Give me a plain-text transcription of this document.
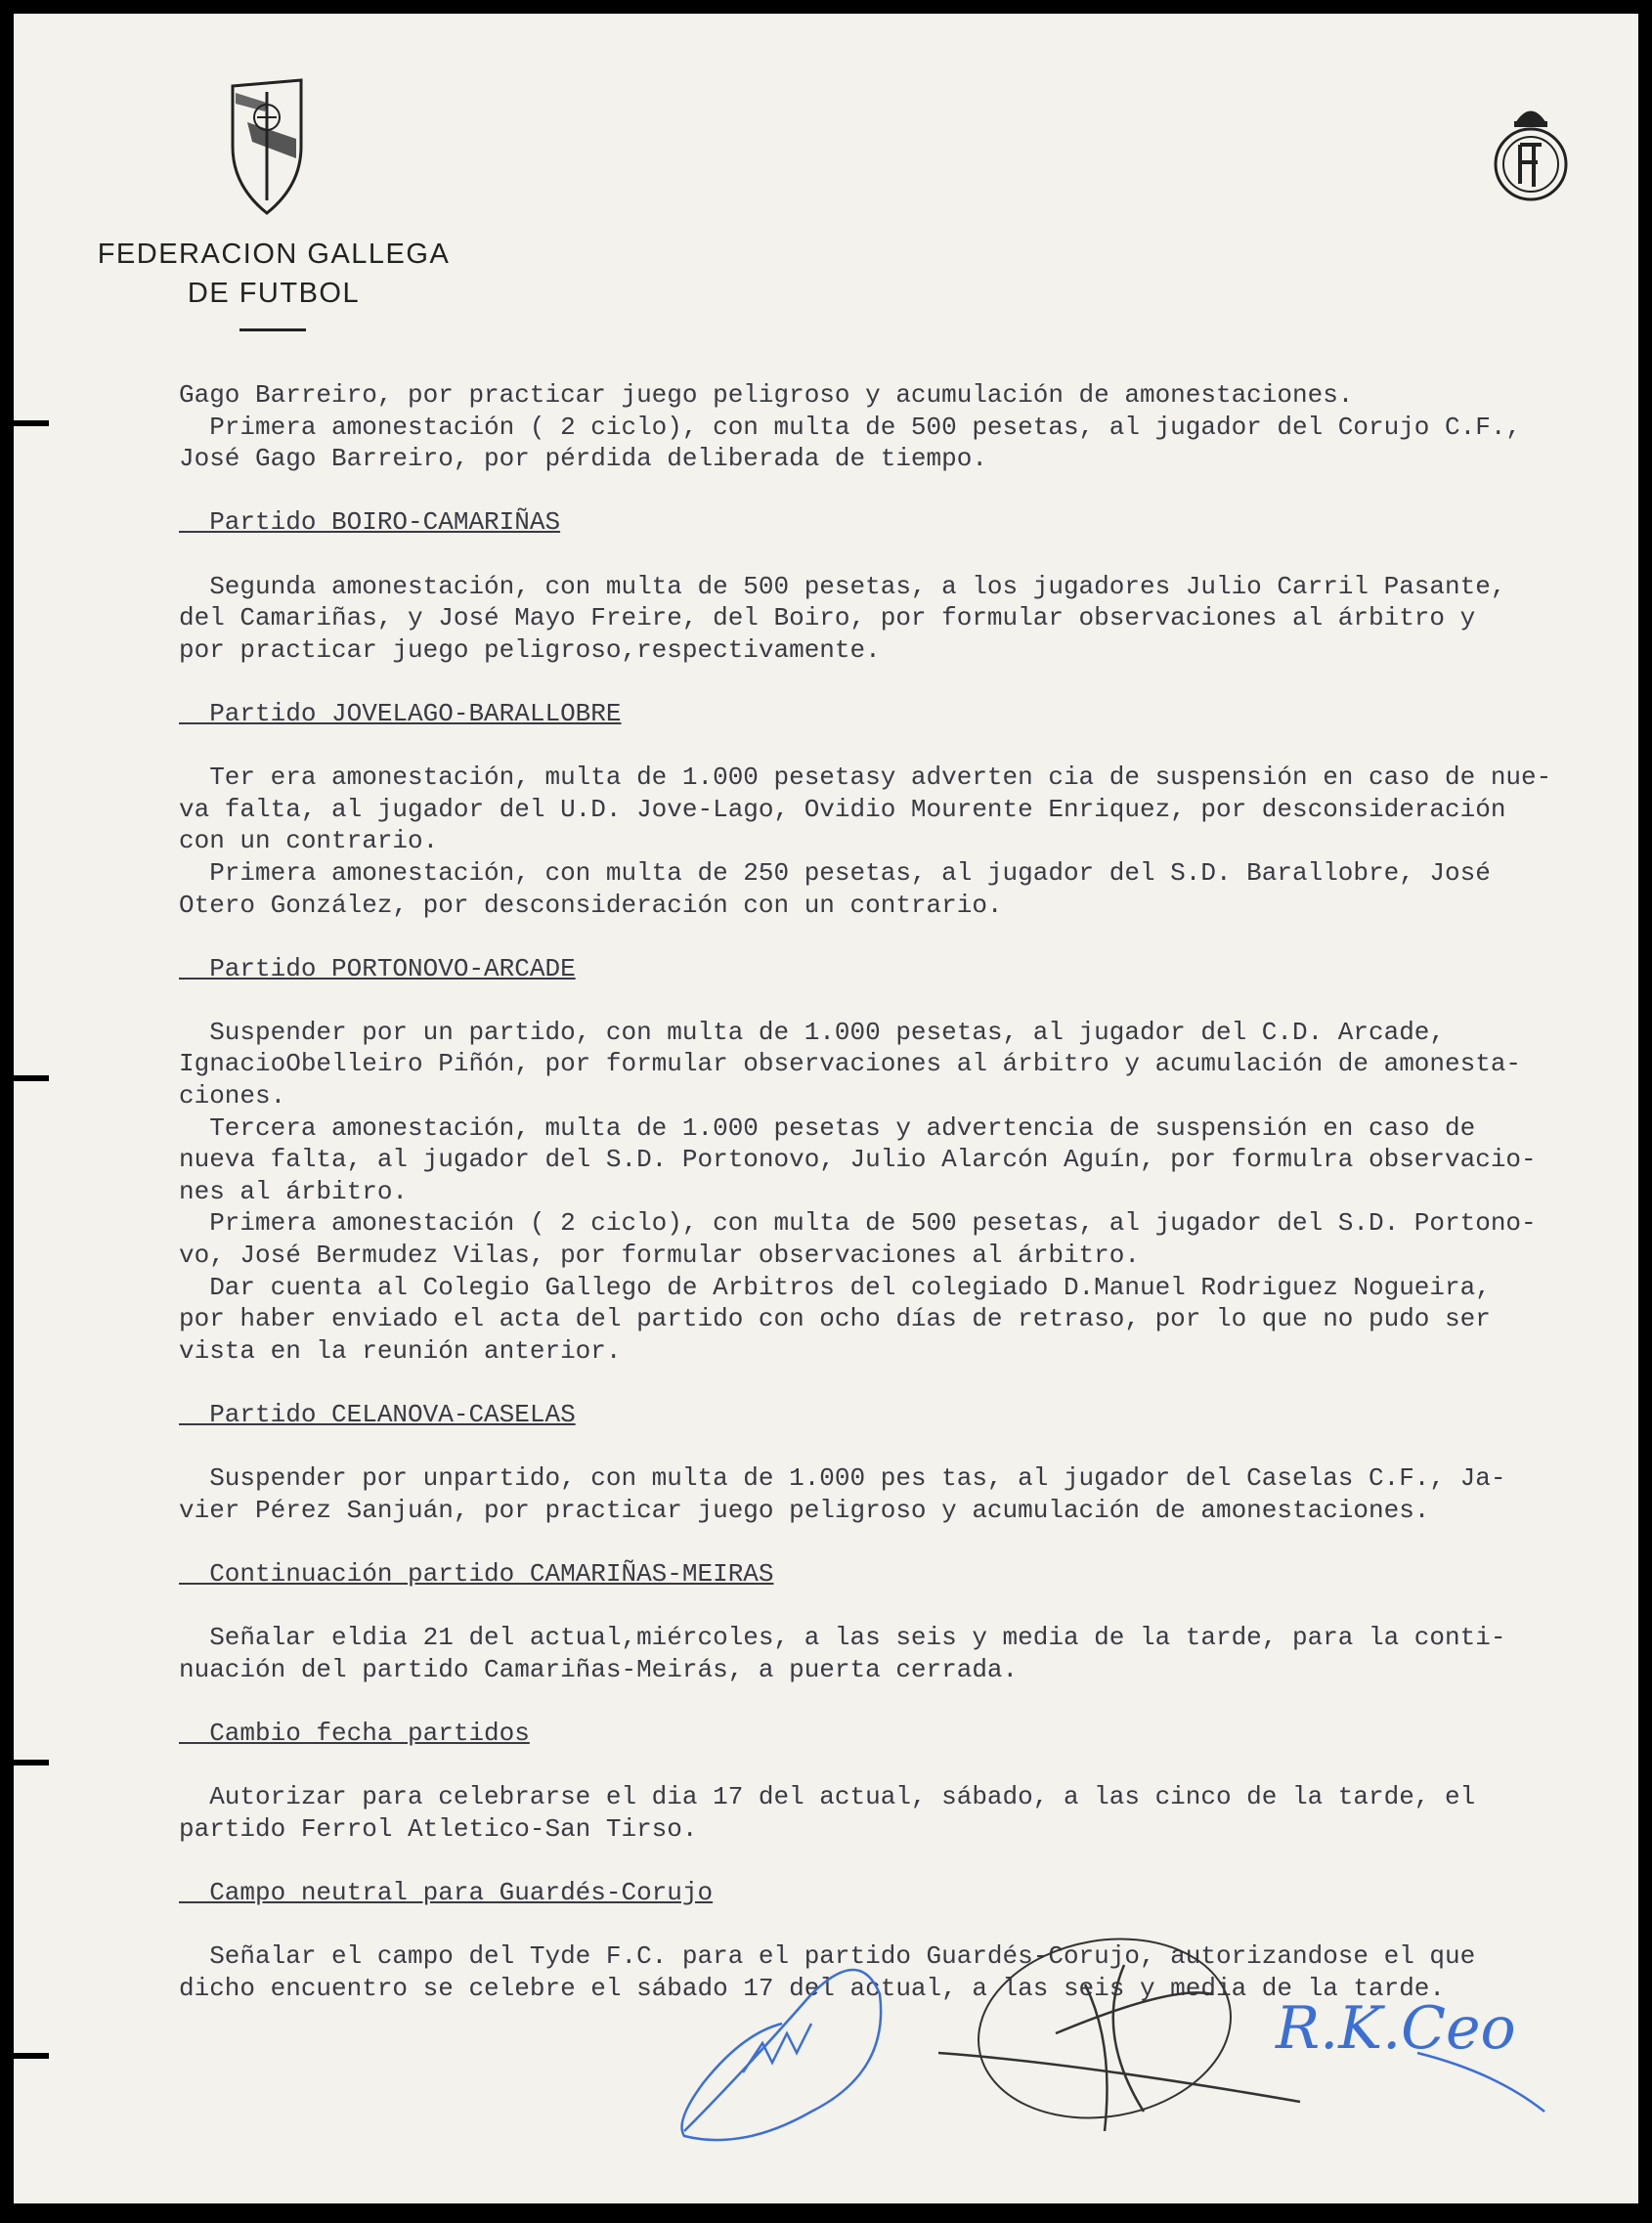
FEDERACION GALLEGA
DE FUTBOL
Gago Barreiro, por practicar juego peligroso y acumulación de amonestaciones.
Primera amonestación ( 2 ciclo), con multa de 500 pesetas, al jugador del Corujo C.F.,
José Gago Barreiro, por pérdida deliberada de tiempo.
Partido BOIRO-CAMARIÑAS
Segunda amonestación, con multa de 500 pesetas, a los jugadores Julio Carril Pasante,
del Camariñas, y José Mayo Freire, del Boiro, por formular observaciones al árbitro y
por practicar juego peligroso,respectivamente.
Partido JOVELAGO-BARALLOBRE
Ter era amonestación, multa de 1.000 pesetasy adverten cia de suspensión en caso de nue-
va falta, al jugador del U.D. Jove-Lago, Ovidio Mourente Enriquez, por desconsideración
con un contrario.
Primera amonestación, con multa de 250 pesetas, al jugador del S.D. Barallobre, José
Otero González, por desconsideración con un contrario.
Partido PORTONOVO-ARCADE
Suspender por un partido, con multa de 1.000 pesetas, al jugador del C.D. Arcade,
IgnacioObelleiro Piñón, por formular observaciones al árbitro y acumulación de amonesta-
ciones.
Tercera amonestación, multa de 1.000 pesetas y advertencia de suspensión en caso de
nueva falta, al jugador del S.D. Portonovo, Julio Alarcón Aguín, por formulra observacio-
nes al árbitro.
Primera amonestación ( 2 ciclo), con multa de 500 pesetas, al jugador del S.D. Portono-
vo, José Bermudez Vilas, por formular observaciones al árbitro.
Dar cuenta al Colegio Gallego de Arbitros del colegiado D.Manuel Rodriguez Nogueira,
por haber enviado el acta del partido con ocho días de retraso, por lo que no pudo ser
vista en la reunión anterior.
Partido CELANOVA-CASELAS
Suspender por unpartido, con multa de 1.000 pes tas, al jugador del Caselas C.F., Ja-
vier Pérez Sanjuán, por practicar juego peligroso y acumulación de amonestaciones.
Continuación partido CAMARIÑAS-MEIRAS
Señalar eldia 21 del actual,miércoles, a las seis y media de la tarde, para la conti-
nuación del partido Camariñas-Meirás, a puerta cerrada.
Cambio fecha partidos
Autorizar para celebrarse el dia 17 del actual, sábado, a las cinco de la tarde, el
partido Ferrol Atletico-San Tirso.
Campo neutral para Guardés-Corujo
Señalar el campo del Tyde F.C. para el partido Guardés-Corujo, autorizandose el que
dicho encuentro se celebre el sábado 17 del actual, a las seis y media de la tarde.
R.K.Ceo
